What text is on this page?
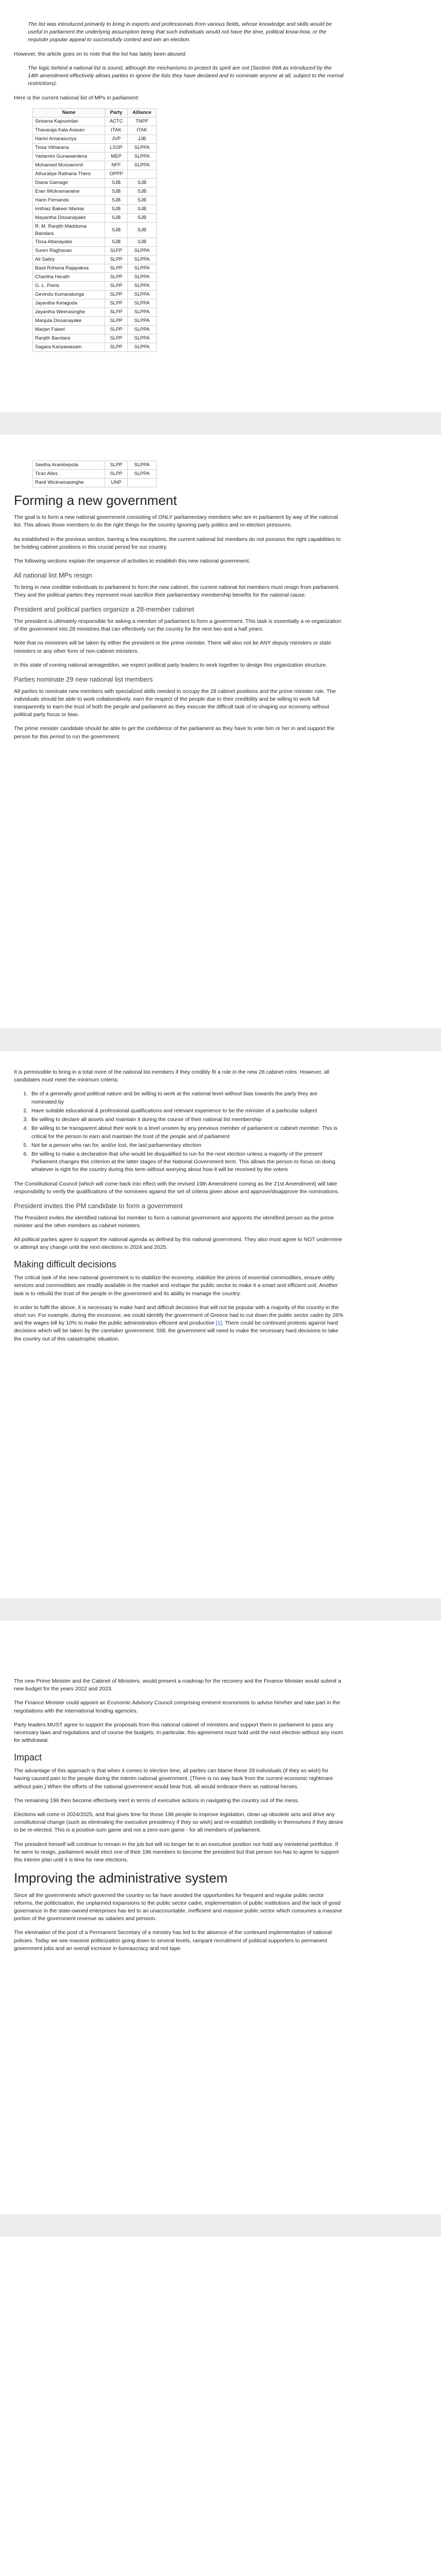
The list was introduced primarily to bring in experts and professionals from various fields, whose knowledge and skills would be useful in parliament the underlying assumption being that such individuals would not have the time, political know-how, or the requisite popular appeal to successfully contest and win an election.

However, the article goes on to note that the list has lately been abused:

The logic behind a national list is sound, although the mechanisms to protect its spirit are not (Section 99A as introduced by the 14th amendment effectively allows parties to ignore the lists they have declared and to nominate anyone at all, subject to the normal restrictions).

Here is the current national list of MPs in parliament:

Name	Party	Alliance
Sirisena Kapuvinlan	ACTC	TNPF
Thavaraja Kala Arasan	ITAK	ITAK
Harini Amarasuriya	JVP	JJB
Tissa Vitharana	LSSP	SLPPA
Yadamini Gunawardena	MEP	SLPPA
Mohamed Mussammil	NFF	SLPPA
Athuraliye Rathana Thero	OPPP	
Diana Gamage	SJB	SJB
Eran Wickramaratne	SJB	SJB
Harin Fernando	SJB	SJB
Imthiaz Bakeer Markar	SJB	SJB
Mayantha Dissanayake	SJB	SJB
R. M. Ranjith Madduma Bandara	SJB	SJB
Tissa Attanayake	SJB	SJB
Suren Raghavan	SLFP	SLPPA
Ali Sabry	SLPP	SLPPA
Basil Rohana Rajapaksa	SLPP	SLPPA
Charitha Herath	SLPP	SLPPA
G. L. Peiris	SLPP	SLPPA
Gevindu Kumaratunga	SLPP	SLPPA
Jayantha Ketagoda	SLPP	SLPPA
Jayantha Weerasinghe	SLPP	SLPPA
Manjula Dissanayake	SLPP	SLPPA
Marjan Faleel	SLPP	SLPPA
Ranjith Bandara	SLPP	SLPPA
Sagara Kariyawasam	SLPP	SLPPA
Seetha Arambepola	SLPP	SLPPA
Tiran Alles	SLPP	SLPPA
Ranil Wickramasinghe	UNP	
Forming a new government

The goal is to form a new national government consisting of ONLY parliamentary members who are in parliament by way of the national list. This allows those members to do the right things for the country ignoring party politics and re-election pressures.

As established in the previous section, barring a few exceptions, the current national list members do not possess the right capabilities to be holding cabinet positions in this crucial period for our country.

The following sections explain the sequence of activities to establish this new national government.

All national list MPs resign

To bring in new credible individuals to parliament to form the new cabinet, the current national list members must resign from parliament. They and the political parties they represent must sacrifice their parliamentary membership benefits for the national cause.

President and political parties organize a 28-member cabinet

The president is ultimately responsible for asking a member of parliament to form a government. This task is essentially a re-organization of the government into 28 ministries that can effectively run the country for the next two and a half years.

Note that no ministries will be taken by either the president or the prime minister. There will also not be ANY deputy ministers or state ministers or any other form of non-cabinet ministers.

In this state of coming national armageddon, we expect political party leaders to work together to design this organization structure.

Parties nominate 29 new national list members

All parties to nominate new members with specialized skills needed to occupy the 28 cabinet positions and the prime minister role. The individuals should be able to work collaboratively, earn the respect of the people due to their credibility and be willing to work full transparently to earn the trust of both the people and parliament as they execute the difficult task of re-shaping our economy without political party focus or bias.

The prime minister candidate should be able to get the confidence of the parliament as they have to vote him or her in and support the person for this period to run the government.

It is permissible to bring in a total more of the national list members if they credibly fit a role in the new 28 cabinet roles. However, all candidates must meet the minimum criteria:

1. Be of a generally good political nature and be willing to work at the national level without bias towards the party they are nominated by
2. Have suitable educational & professional qualifications and relevant experience to be the minister of a particular subject
3. Be willing to declare all assets and maintain it during the course of their national list membership
4. Be willing to be transparent about their work to a level unseen by any previous member of parliament or cabinet member. This is critical for the person to earn and maintain the trust of the people and of parliament
5. Not be a person who ran for, and/or lost, the last parliamentary election
6. Be willing to make a declaration that s/he would be disqualified to run for the next election unless a majority of the present Parliament changes this criterion at the latter stages of the National Government term. This allows the person to focus on doing whatever is right for the country during this term without worrying about how it will be received by the voters

The Constitutional Council (which will come back into effect with the revised 19th Amendment coming as the 21st Amendment) will take responsibility to verify the qualifications of the nominees against the set of criteria given above and approve/disapprove the nominations.

President invites the PM candidate to form a government

The President invites the identified national list member to form a national government and appoints the identified person as the prime minister and the other members as cabinet ministers.

All political parties agree to support the national agenda as defined by this national government. They also must agree to NOT undermine or attempt any change until the next elections in 2024 and 2025.

Making difficult decisions

The critical task of the new national government is to stabilize the economy, stabilize the prices of essential commodities, ensure utility services and commodities are readily available in the market and reshape the public sector to make it a smart and efficient unit. Another task is to rebuild the trust of the people in the government and its ability to manage the country.

In order to fulfil the above, it is necessary to make hard and difficult decisions that will not be popular with a majority of the country in the short run. For example, during the excessive, we could identify the government of Greece had to cut down the public sector cadre by 26% and the wages bill by 10% to make the public administration efficient and productive [1]. There could be continued protests against hard decisions which will be taken by the caretaker government. Still, the government will need to make the necessary hard decisions to take the country out of this catastrophic situation.

The new Prime Minister and the Cabinet of Ministers, would present a roadmap for the recovery and the Finance Minister would submit a new budget for the years 2022 and 2023.

The Finance Minister could appoint an Economic Advisory Council comprising eminent economists to advise him/her and take part in the negotiations with the international lending agencies.

Party leaders MUST agree to support the proposals from this national cabinet of ministers and support them in parliament to pass any necessary laws and regulations and of course the budgets. In particular, this agreement must hold until the next election without any room for withdrawal.

Impact

The advantage of this approach is that when it comes to election time, all parties can blame these 29 individuals (if they so wish) for having caused pain to the people during the interim national government. (There is no way back from the current economic nightmare without pain.) When the efforts of the national government would bear fruit, all would embrace them as national heroes.

The remaining 196 then become effectively inert in terms of executive actions in navigating the country out of the mess.

Elections will come in 2024/2025, and that gives time for those 196 people to improve legislation, clean up obsolete acts and drive any constitutional change (such as eliminating the executive presidency if they so wish) and re-establish credibility in themselves if they desire to be re-elected. This is a positive-sum game and not a zero-sum game - for all members of parliament.

The president himself will continue to remain in the job but will no longer be in an executive position nor hold any ministerial portfolios. If he were to resign, parliament would elect one of their 196 members to become the president but that person too has to agree to support this interim plan until it is time for new elections.

Improving the administrative system

Since all the governments which governed the country so far have avoided the opportunities for frequent and regular public sector reforms, the politicisation, the unplanned expansions to the public sector cadre, implementation of public institutions and the lack of good governance in the state-owned enterprises has led to an unaccountable, inefficient and massive public sector which consumes a massive portion of the government revenue as salaries and pension.

The elimination of the post of a Permanent Secretary of a ministry has led to the absence of the continued implementation of national policies. Today we see massive politicization going down to several levels, rampant recruitment of political supporters to permanent government jobs and an overall increase in bureaucracy and red tape.
